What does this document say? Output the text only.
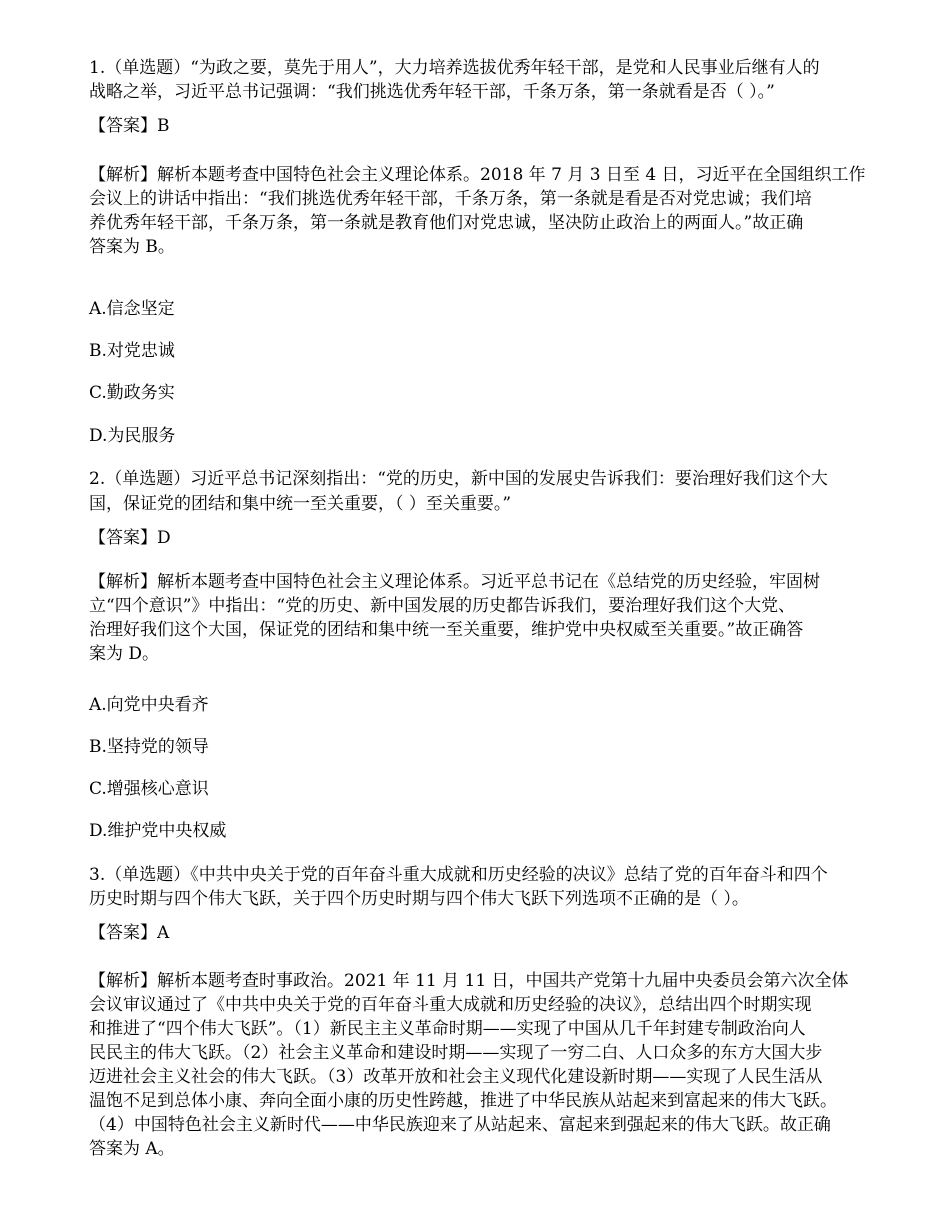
1.（单选题）“为政之要，莫先于用人”，大力培养选拔优秀年轻干部，是党和人民事业后继有人的

战略之举，习近平总书记强调：“我们挑选优秀年轻干部，千条万条，第一条就看是否（ ）。”

【答案】B

【解析】解析本题考查中国特色社会主义理论体系。2018 年 7 月 3 日至 4 日，习近平在全国组织工作

会议上的讲话中指出：“我们挑选优秀年轻干部，千条万条，第一条就是看是否对党忠诚；我们培

养优秀年轻干部，千条万条，第一条就是教育他们对党忠诚，坚决防止政治上的两面人。”故正确

答案为 B。

A.信念坚定

B.对党忠诚

C.勤政务实

D.为民服务

2.（单选题）习近平总书记深刻指出：“党的历史，新中国的发展史告诉我们：要治理好我们这个大

国，保证党的团结和集中统一至关重要，（ ）至关重要。”

【答案】D

【解析】解析本题考查中国特色社会主义理论体系。习近平总书记在《总结党的历史经验，牢固树

立“四个意识”》中指出：“党的历史、新中国发展的历史都告诉我们，要治理好我们这个大党、

治理好我们这个大国，保证党的团结和集中统一至关重要，维护党中央权威至关重要。”故正确答

案为 D。

A.向党中央看齐

B.坚持党的领导

C.增强核心意识

D.维护党中央权威

3.（单选题）《中共中央关于党的百年奋斗重大成就和历史经验的决议》总结了党的百年奋斗和四个

历史时期与四个伟大飞跃，关于四个历史时期与四个伟大飞跃下列选项不正确的是（ ）。

【答案】A

【解析】解析本题考查时事政治。2021 年 11 月 11 日，中国共产党第十九届中央委员会第六次全体

会议审议通过了《中共中央关于党的百年奋斗重大成就和历史经验的决议》，总结出四个时期实现

和推进了“四个伟大飞跃”。（1）新民主主义革命时期——实现了中国从几千年封建专制政治向人

民民主的伟大飞跃。（2）社会主义革命和建设时期——实现了一穷二白、人口众多的东方大国大步

迈进社会主义社会的伟大飞跃。（3）改革开放和社会主义现代化建设新时期——实现了人民生活从

温饱不足到总体小康、奔向全面小康的历史性跨越，推进了中华民族从站起来到富起来的伟大飞跃。

（4）中国特色社会主义新时代——中华民族迎来了从站起来、富起来到强起来的伟大飞跃。故正确

答案为 A。
